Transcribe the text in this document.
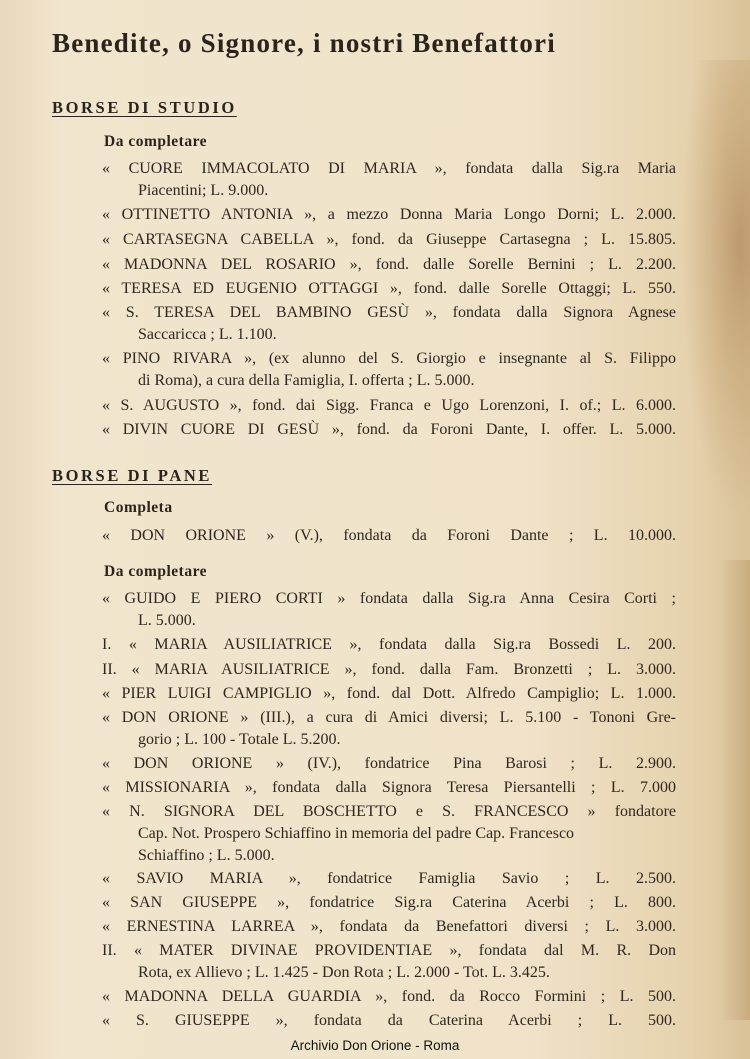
Benedite, o Signore, i nostri Benefattori
BORSE DI STUDIO
Da completare
« CUORE IMMACOLATO DI MARIA », fondata dalla Sig.ra Maria
Piacentini; L. 9.000.
« OTTINETTO ANTONIA », a mezzo Donna Maria Longo Dorni; L. 2.000.
« CARTASEGNA CABELLA », fond. da Giuseppe Cartasegna ; L. 15.805.
« MADONNA DEL ROSARIO », fond. dalle Sorelle Bernini ; L. 2.200.
« TERESA ED EUGENIO OTTAGGI », fond. dalle Sorelle Ottaggi; L. 550.
« S. TERESA DEL BAMBINO GESÙ », fondata dalla Signora Agnese
Saccaricca ; L. 1.100.
« PINO RIVARA », (ex alunno del S. Giorgio e insegnante al S. Filippo
di Roma), a cura della Famiglia, I. offerta ; L. 5.000.
« S. AUGUSTO », fond. dai Sigg. Franca e Ugo Lorenzoni, I. of.; L. 6.000.
« DIVIN CUORE DI GESÙ », fond. da Foroni Dante, I. offer. L. 5.000.
BORSE DI PANE
Completa
« DON ORIONE » (V.), fondata da Foroni Dante ; L. 10.000.
Da completare
« GUIDO E PIERO CORTI » fondata dalla Sig.ra Anna Cesira Corti ;
L. 5.000.
I. « MARIA AUSILIATRICE », fondata dalla Sig.ra Bossedi L. 200.
II. « MARIA AUSILIATRICE », fond. dalla Fam. Bronzetti ; L. 3.000.
« PIER LUIGI CAMPIGLIO », fond. dal Dott. Alfredo Campiglio; L. 1.000.
« DON ORIONE » (III.), a cura di Amici diversi; L. 5.100 - Tononi Gre-
gorio ; L. 100 - Totale L. 5.200.
« DON ORIONE » (IV.), fondatrice Pina Barosi ; L. 2.900.
« MISSIONARIA », fondata dalla Signora Teresa Piersantelli ; L. 7.000
« N. SIGNORA DEL BOSCHETTO e S. FRANCESCO » fondatore
Cap. Not. Prospero Schiaffino in memoria del padre Cap. Francesco
Schiaffino ; L. 5.000.
« SAVIO MARIA », fondatrice Famiglia Savio ; L. 2.500.
« SAN GIUSEPPE », fondatrice Sig.ra Caterina Acerbi ; L. 800.
« ERNESTINA LARREA », fondata da Benefattori diversi ; L. 3.000.
II. « MATER DIVINAE PROVIDENTIAE », fondata dal M. R. Don
Rota, ex Allievo ; L. 1.425 - Don Rota ; L. 2.000 - Tot. L. 3.425.
« MADONNA DELLA GUARDIA », fond. da Rocco Formini ; L. 500.
« S. GIUSEPPE », fondata da Caterina Acerbi ; L. 500.
Archivio Don Orione - Roma
